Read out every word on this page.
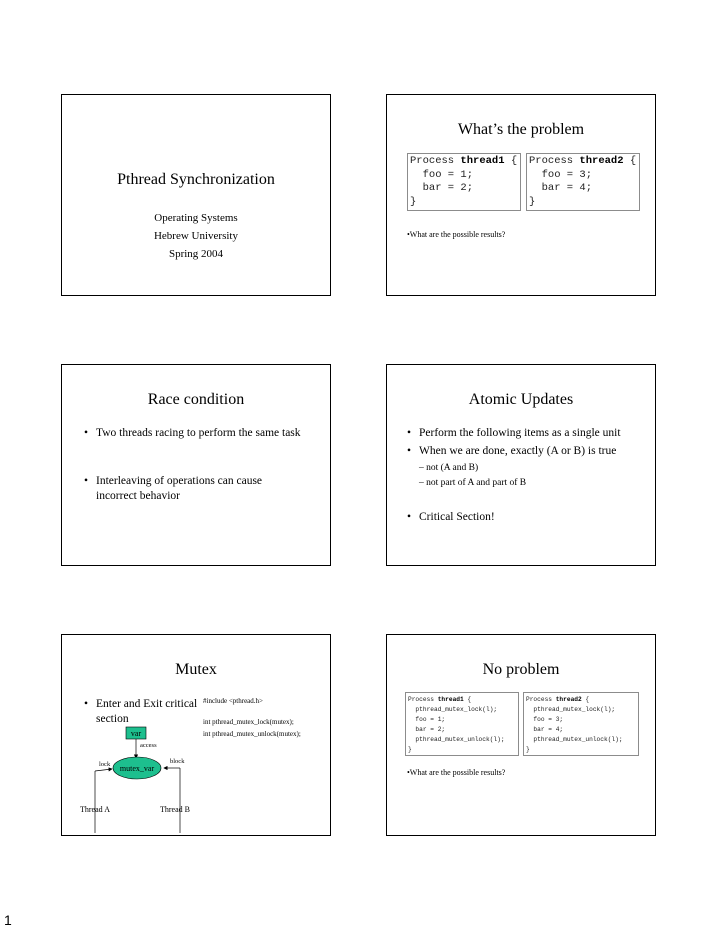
Pthread Synchronization
Operating Systems
Hebrew University
Spring 2004
What’s the problem
Process thread1 {
foo = 1;
bar = 2;
}
Process thread2 {
foo = 3;
bar = 4;
}
•What are the possible results?
Race condition
• Two threads racing to perform the same task
• Interleaving of operations can cause incorrect behavior
Atomic Updates
• Perform the following items as a single unit
• When we are done, exactly (A or B) is true
– not (A and B)
– not part of A and part of B
• Critical Section!
Mutex
• Enter and Exit critical section
#include <pthread.h>
int pthread_mutex_lock(mutex);
int pthread_mutex_unlock(mutex);
var
access
mutex_var
lock	block
Thread A	Thread B
No problem
Process thread1 {
pthread_mutex_lock(l);
foo = 1;
bar = 2;
pthread_mutex_unlock(l);
}
Process thread2 {
pthread_mutex_lock(l);
foo = 3;
bar = 4;
pthread_mutex_unlock(l);
}
•What are the possible results?
1
